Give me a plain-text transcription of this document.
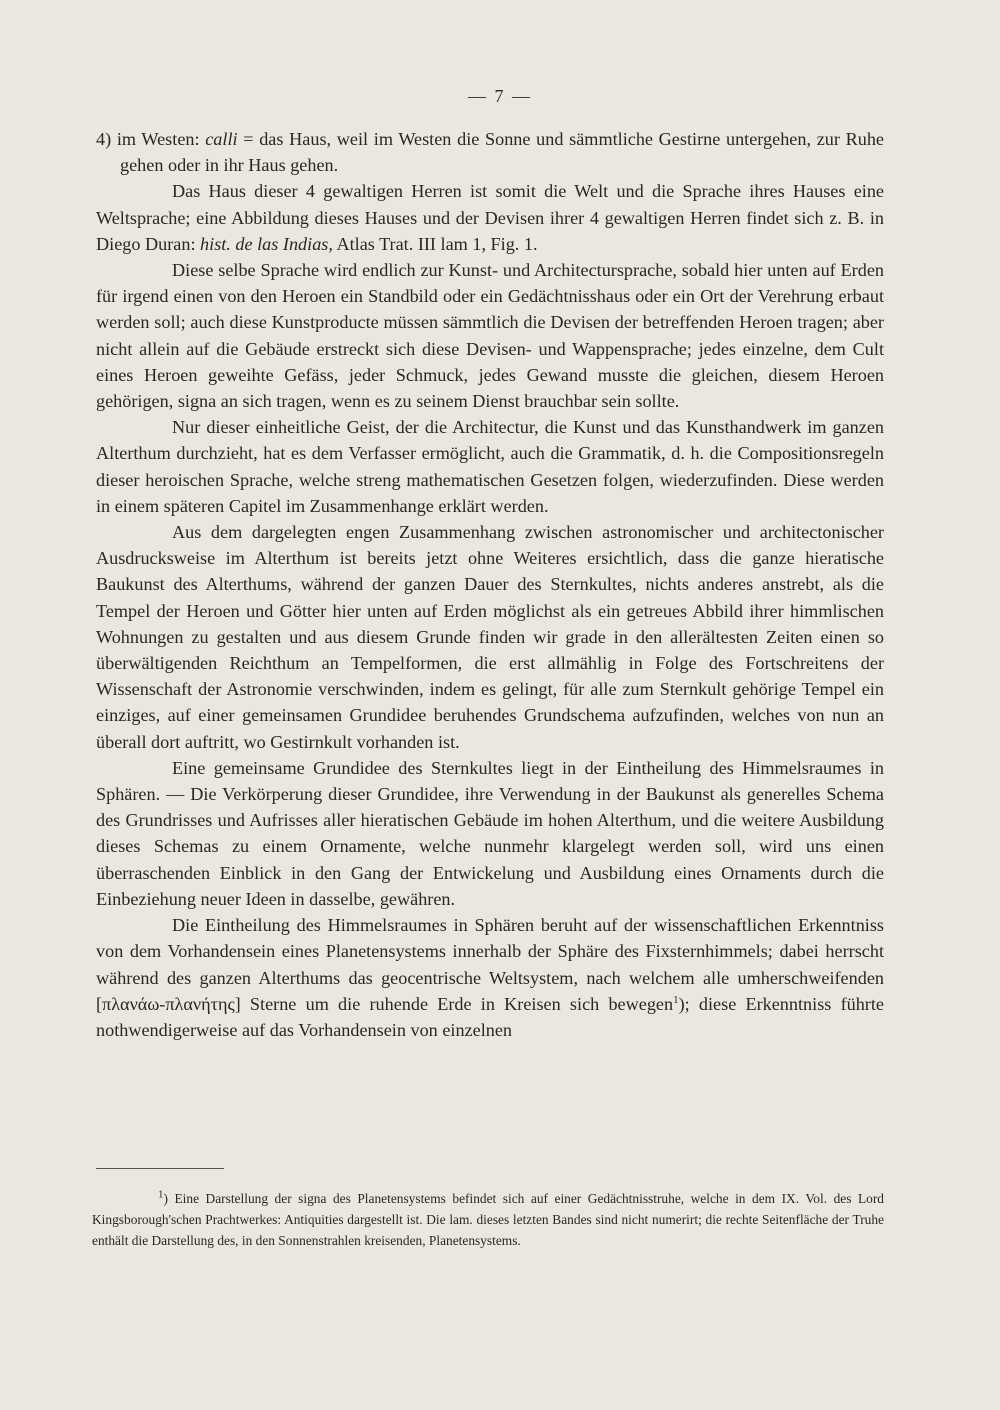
— 7 —

4) im Westen: calli = das Haus, weil im Westen die Sonne und sämmtliche Gestirne untergehen, zur Ruhe gehen oder in ihr Haus gehen.

Das Haus dieser 4 gewaltigen Herren ist somit die Welt und die Sprache ihres Hauses eine Weltsprache; eine Abbildung dieses Hauses und der Devisen ihrer 4 gewaltigen Herren findet sich z. B. in Diego Duran: hist. de las Indias, Atlas Trat. III lam 1, Fig. 1.

Diese selbe Sprache wird endlich zur Kunst- und Architectursprache, sobald hier unten auf Erden für irgend einen von den Heroen ein Standbild oder ein Gedächtnisshaus oder ein Ort der Verehrung erbaut werden soll; auch diese Kunstproducte müssen sämmtlich die Devisen der betreffenden Heroen tragen; aber nicht allein auf die Gebäude erstreckt sich diese Devisen- und Wappensprache; jedes einzelne, dem Cult eines Heroen geweihte Gefäss, jeder Schmuck, jedes Gewand musste die gleichen, diesem Heroen gehörigen, signa an sich tragen, wenn es zu seinem Dienst brauchbar sein sollte.

Nur dieser einheitliche Geist, der die Architectur, die Kunst und das Kunsthandwerk im ganzen Alterthum durchzieht, hat es dem Verfasser ermöglicht, auch die Grammatik, d. h. die Compositionsregeln dieser heroischen Sprache, welche streng mathematischen Gesetzen folgen, wiederzufinden. Diese werden in einem späteren Capitel im Zusammenhange erklärt werden.

Aus dem dargelegten engen Zusammenhang zwischen astronomischer und architectonischer Ausdrucksweise im Alterthum ist bereits jetzt ohne Weiteres ersichtlich, dass die ganze hieratische Baukunst des Alterthums, während der ganzen Dauer des Sternkultes, nichts anderes anstrebt, als die Tempel der Heroen und Götter hier unten auf Erden möglichst als ein getreues Abbild ihrer himmlischen Wohnungen zu gestalten und aus diesem Grunde finden wir grade in den allerältesten Zeiten einen so überwältigenden Reichthum an Tempelformen, die erst allmählig in Folge des Fortschreitens der Wissenschaft der Astronomie verschwinden, indem es gelingt, für alle zum Sternkult gehörige Tempel ein einziges, auf einer gemeinsamen Grundidee beruhendes Grundschema aufzufinden, welches von nun an überall dort auftritt, wo Gestirnkult vorhanden ist.

Eine gemeinsame Grundidee des Sternkultes liegt in der Eintheilung des Himmelsraumes in Sphären. — Die Verkörperung dieser Grundidee, ihre Verwendung in der Baukunst als generelles Schema des Grundrisses und Aufrisses aller hieratischen Gebäude im hohen Alterthum, und die weitere Ausbildung dieses Schemas zu einem Ornamente, welche nunmehr klargelegt werden soll, wird uns einen überraschenden Einblick in den Gang der Entwickelung und Ausbildung eines Ornaments durch die Einbeziehung neuer Ideen in dasselbe, gewähren.

Die Eintheilung des Himmelsraumes in Sphären beruht auf der wissenschaftlichen Erkenntniss von dem Vorhandensein eines Planetensystems innerhalb der Sphäre des Fixsternhimmels; dabei herrscht während des ganzen Alterthums das geocentrische Weltsystem, nach welchem alle umherschweifenden [πλανάω-πλανήτης] Sterne um die ruhende Erde in Kreisen sich bewegen$^1$); diese Erkenntniss führte nothwendigerweise auf das Vorhandensein von einzelnen

$^1$) Eine Darstellung der signa des Planetensystems befindet sich auf einer Gedächtnisstruhe, welche in dem IX. Vol. des Lord Kingsborough'schen Prachtwerkes: Antiquities dargestellt ist. Die lam. dieses letzten Bandes sind nicht numerirt; die rechte Seitenfläche der Truhe enthält die Darstellung des, in den Sonnenstrahlen kreisenden, Planetensystems.
